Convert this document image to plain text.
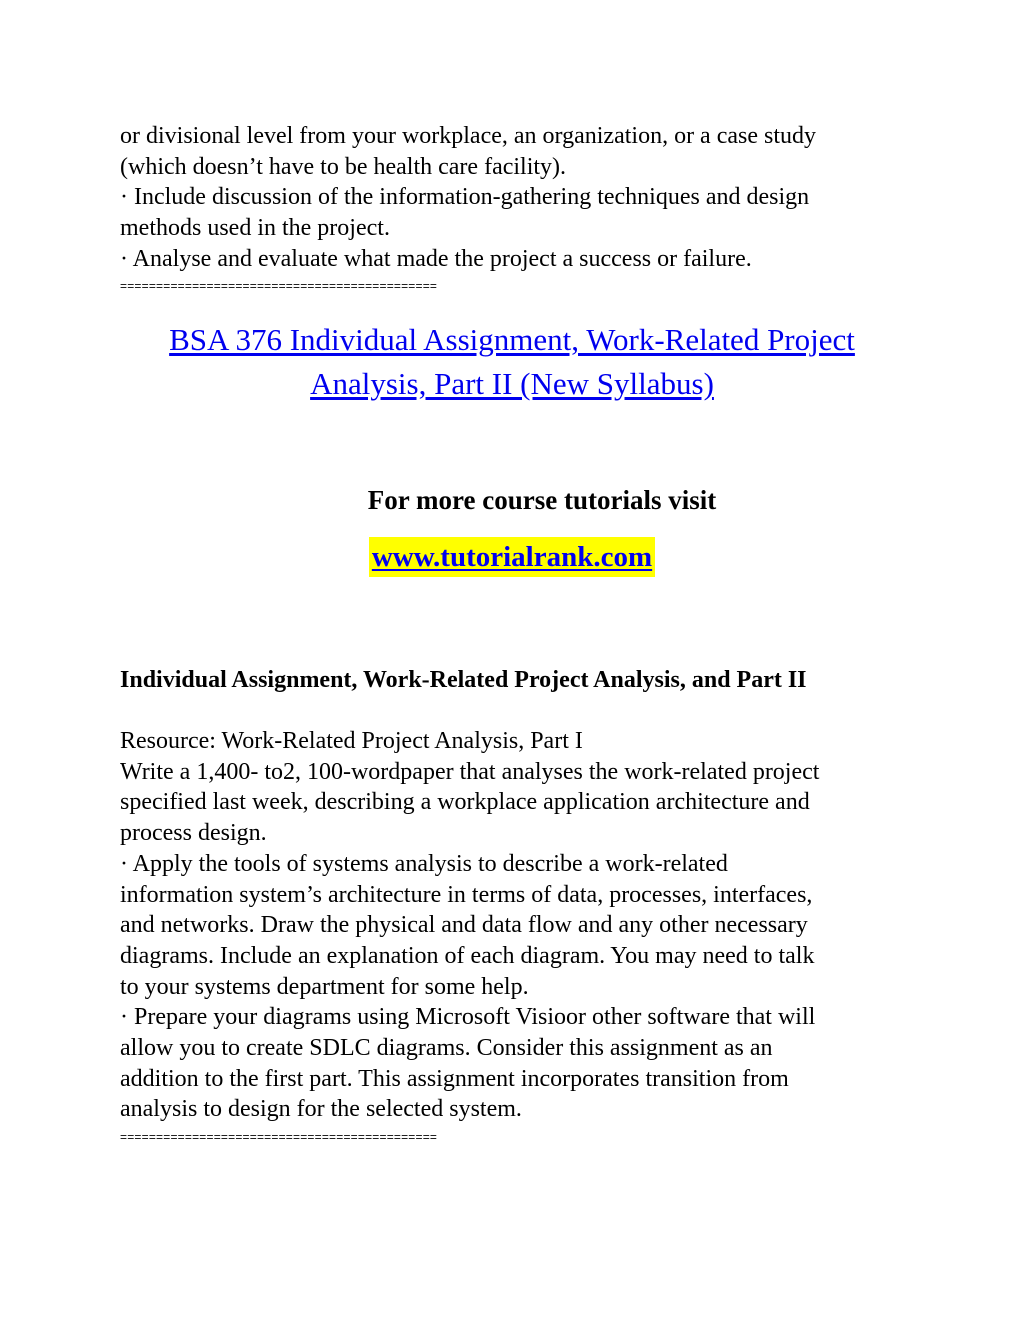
or divisional level from your workplace, an organization, or a case study
(which doesn’t have to be health care facility).
· Include discussion of the information-gathering techniques and design
methods used in the project.
· Analyse and evaluate what made the project a success or failure.
============================================
BSA 376 Individual Assignment, Work-Related Project
Analysis, Part II (New Syllabus)
For more course tutorials visit
www.tutorialrank.com
Individual Assignment, Work-Related Project Analysis, and Part II
Resource: Work-Related Project Analysis, Part I
Write a 1,400- to2, 100-wordpaper that analyses the work-related project
specified last week, describing a workplace application architecture and
process design.
· Apply the tools of systems analysis to describe a work-related
information system’s architecture in terms of data, processes, interfaces,
and networks. Draw the physical and data flow and any other necessary
diagrams. Include an explanation of each diagram. You may need to talk
to your systems department for some help.
· Prepare your diagrams using Microsoft Visioor other software that will
allow you to create SDLC diagrams. Consider this assignment as an
addition to the first part. This assignment incorporates transition from
analysis to design for the selected system.
============================================
